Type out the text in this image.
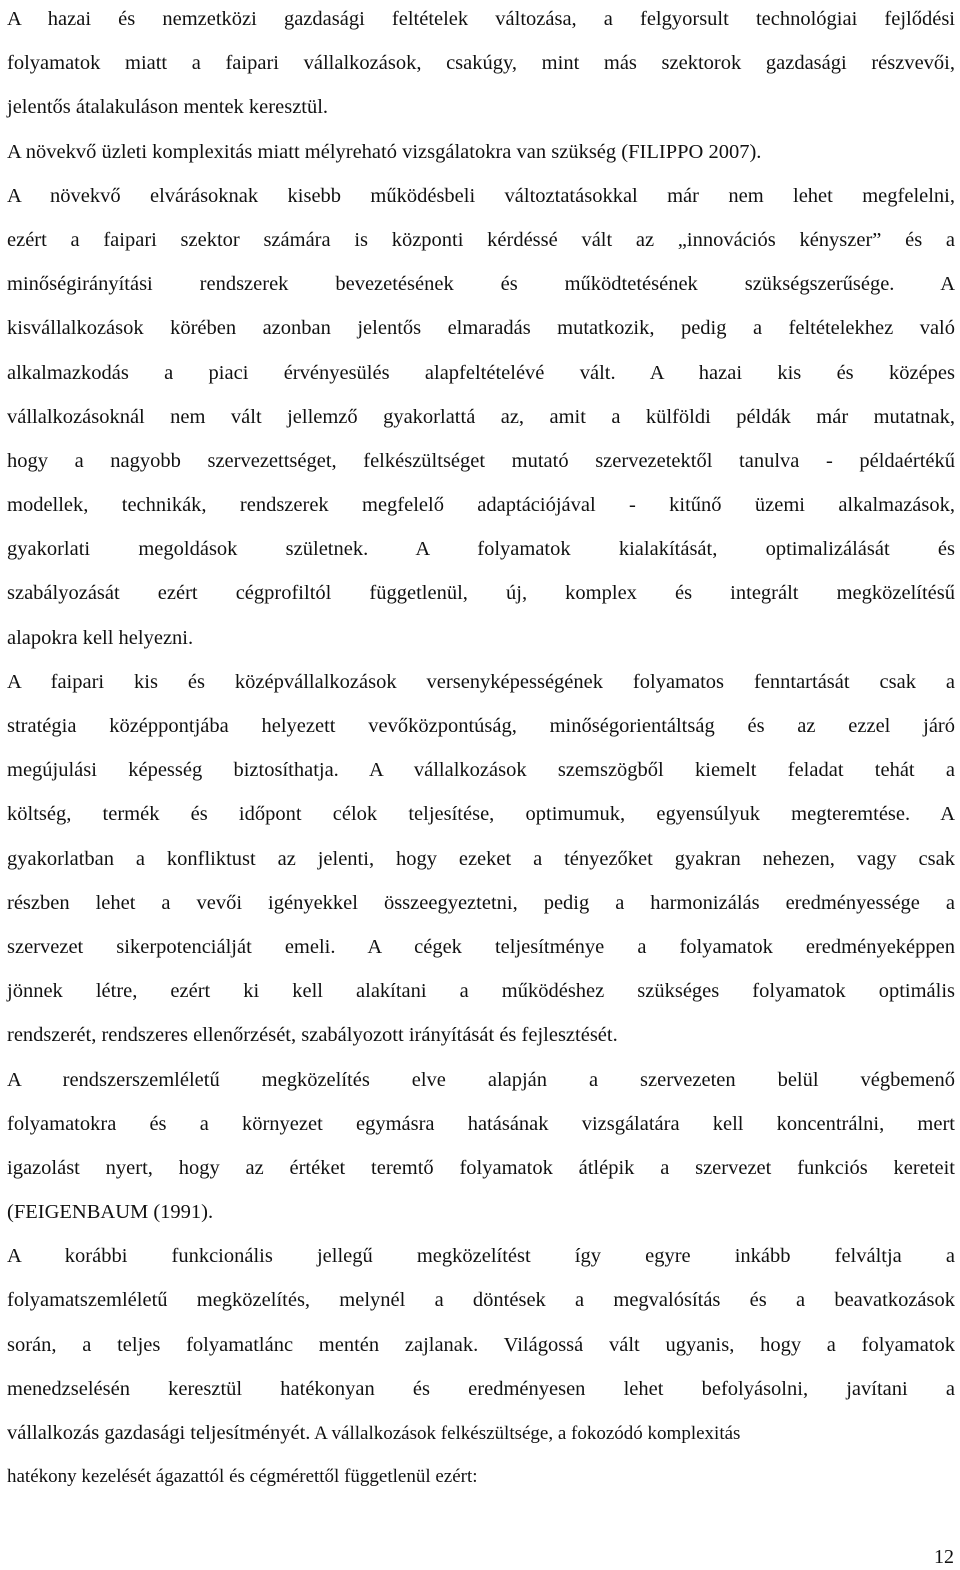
A hazai és nemzetközi gazdasági feltételek változása, a felgyorsult technológiai fejlődési
folyamatok miatt a faipari vállalkozások, csakúgy, mint más szektorok gazdasági részvevői,
jelentős átalakuláson mentek keresztül.
A növekvő üzleti komplexitás miatt mélyreható vizsgálatokra van szükség (FILIPPO 2007).
A növekvő elvárásoknak kisebb működésbeli változtatásokkal már nem lehet megfelelni,
ezért a faipari szektor számára is központi kérdéssé vált az „innovációs kényszer” és a
minőségirányítási rendszerek bevezetésének és működtetésének szükségszerűsége. A
kisvállalkozások körében azonban jelentős elmaradás mutatkozik, pedig a feltételekhez való
alkalmazkodás a piaci érvényesülés alapfeltételévé vált. A hazai kis és középes
vállalkozásoknál nem vált jellemző gyakorlattá az, amit a külföldi példák már mutatnak,
hogy a nagyobb szervezettséget, felkészültséget mutató szervezetektől tanulva - példaértékű
modellek, technikák, rendszerek megfelelő adaptációjával - kitűnő üzemi alkalmazások,
gyakorlati megoldások születnek. A folyamatok kialakítását, optimalizálását és
szabályozását ezért cégprofiltól függetlenül, új, komplex és integrált megközelítésű
alapokra kell helyezni.
A faipari kis és középvállalkozások versenyképességének folyamatos fenntartását csak a
stratégia középpontjába helyezett vevőközpontúság, minőségorientáltság és az ezzel járó
megújulási képesség biztosíthatja. A vállalkozások szemszögből kiemelt feladat tehát a
költség, termék és időpont célok teljesítése, optimumuk, egyensúlyuk megteremtése. A
gyakorlatban a konfliktust az jelenti, hogy ezeket a tényezőket gyakran nehezen, vagy csak
részben lehet a vevői igényekkel összeegyeztetni, pedig a harmonizálás eredményessége a
szervezet sikerpotenciálját emeli. A cégek teljesítménye a folyamatok eredményeképpen
jönnek létre, ezért ki kell alakítani a működéshez szükséges folyamatok optimális
rendszerét, rendszeres ellenőrzését, szabályozott irányítását és fejlesztését.
A rendszerszemléletű megközelítés elve alapján a szervezeten belül végbemenő
folyamatokra és a környezet egymásra hatásának vizsgálatára kell koncentrálni, mert
igazolást nyert, hogy az értéket teremtő folyamatok átlépik a szervezet funkciós kereteit
(FEIGENBAUM (1991).
A korábbi funkcionális jellegű megközelítést így egyre inkább felváltja a
folyamatszemléletű megközelítés, melynél a döntések a megvalósítás és a beavatkozások
során, a teljes folyamatlánc mentén zajlanak. Világossá vált ugyanis, hogy a folyamatok
menedzselésén keresztül hatékonyan és eredményesen lehet befolyásolni, javítani a
vállalkozás gazdasági teljesítményét. A vállalkozások felkészültsége, a fokozódó komplexitás
hatékony kezelését ágazattól és cégmérettől függetlenül ezért:
12
